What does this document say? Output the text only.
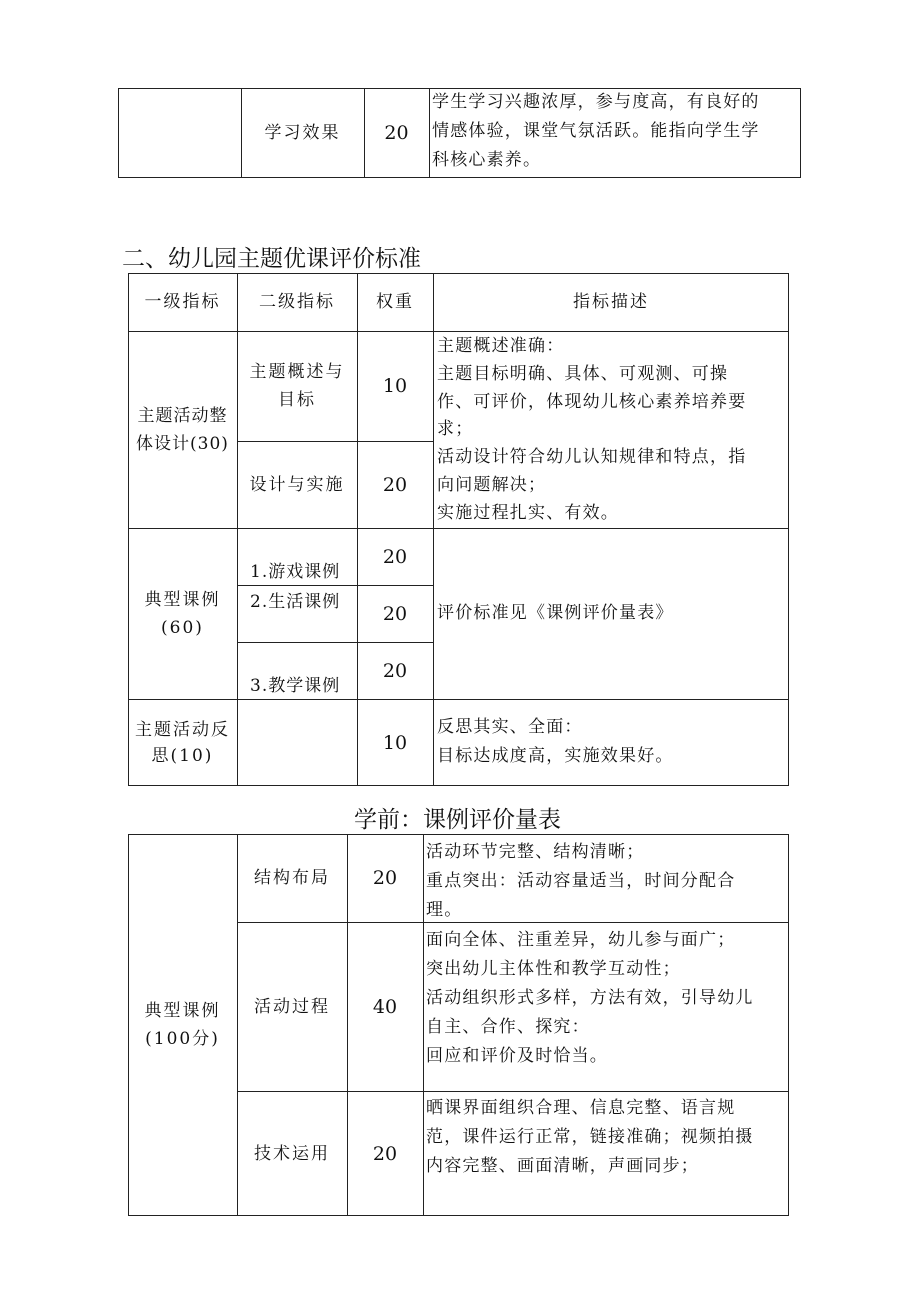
学习效果 20
学生学习兴趣浓厚，参与度高，有良好的
情感体验，课堂气氛活跃。能指向学生学
科核心素养。
二、幼儿园主题优课评价标准
一级指标 二级指标 权重	指标描述
主题活动整
体设计(30)
主题概述与
目标
10
设计与实施 20
主题概述准确：
主题目标明确、具体、可观测、可操
作、可评价，体现幼儿核心素养培养要
求；
活动设计符合幼儿认知规律和特点，指
向问题解决；
实施过程扎实、有效。
典型课例
(60)
1.游戏课例
2.生活课例
3.教学课例
20
20
20
评价标准见《课例评价量表》
主题活动反
思(10)
10
反思其实、全面：
目标达成度高，实施效果好。
学前：课例评价量表
典型课例
(100分)
结构布局 20
活动环节完整、结构清晰；
重点突出：活动容量适当，时间分配合
理。
活动过程 40
面向全体、注重差异，幼儿参与面广；
突出幼儿主体性和教学互动性；
活动组织形式多样，方法有效，引导幼儿
自主、合作、探究：
回应和评价及时恰当。
技术运用 20
晒课界面组织合理、信息完整、语言规
范，课件运行正常，链接准确；视频拍摄
内容完整、画面清晰，声画同步；
